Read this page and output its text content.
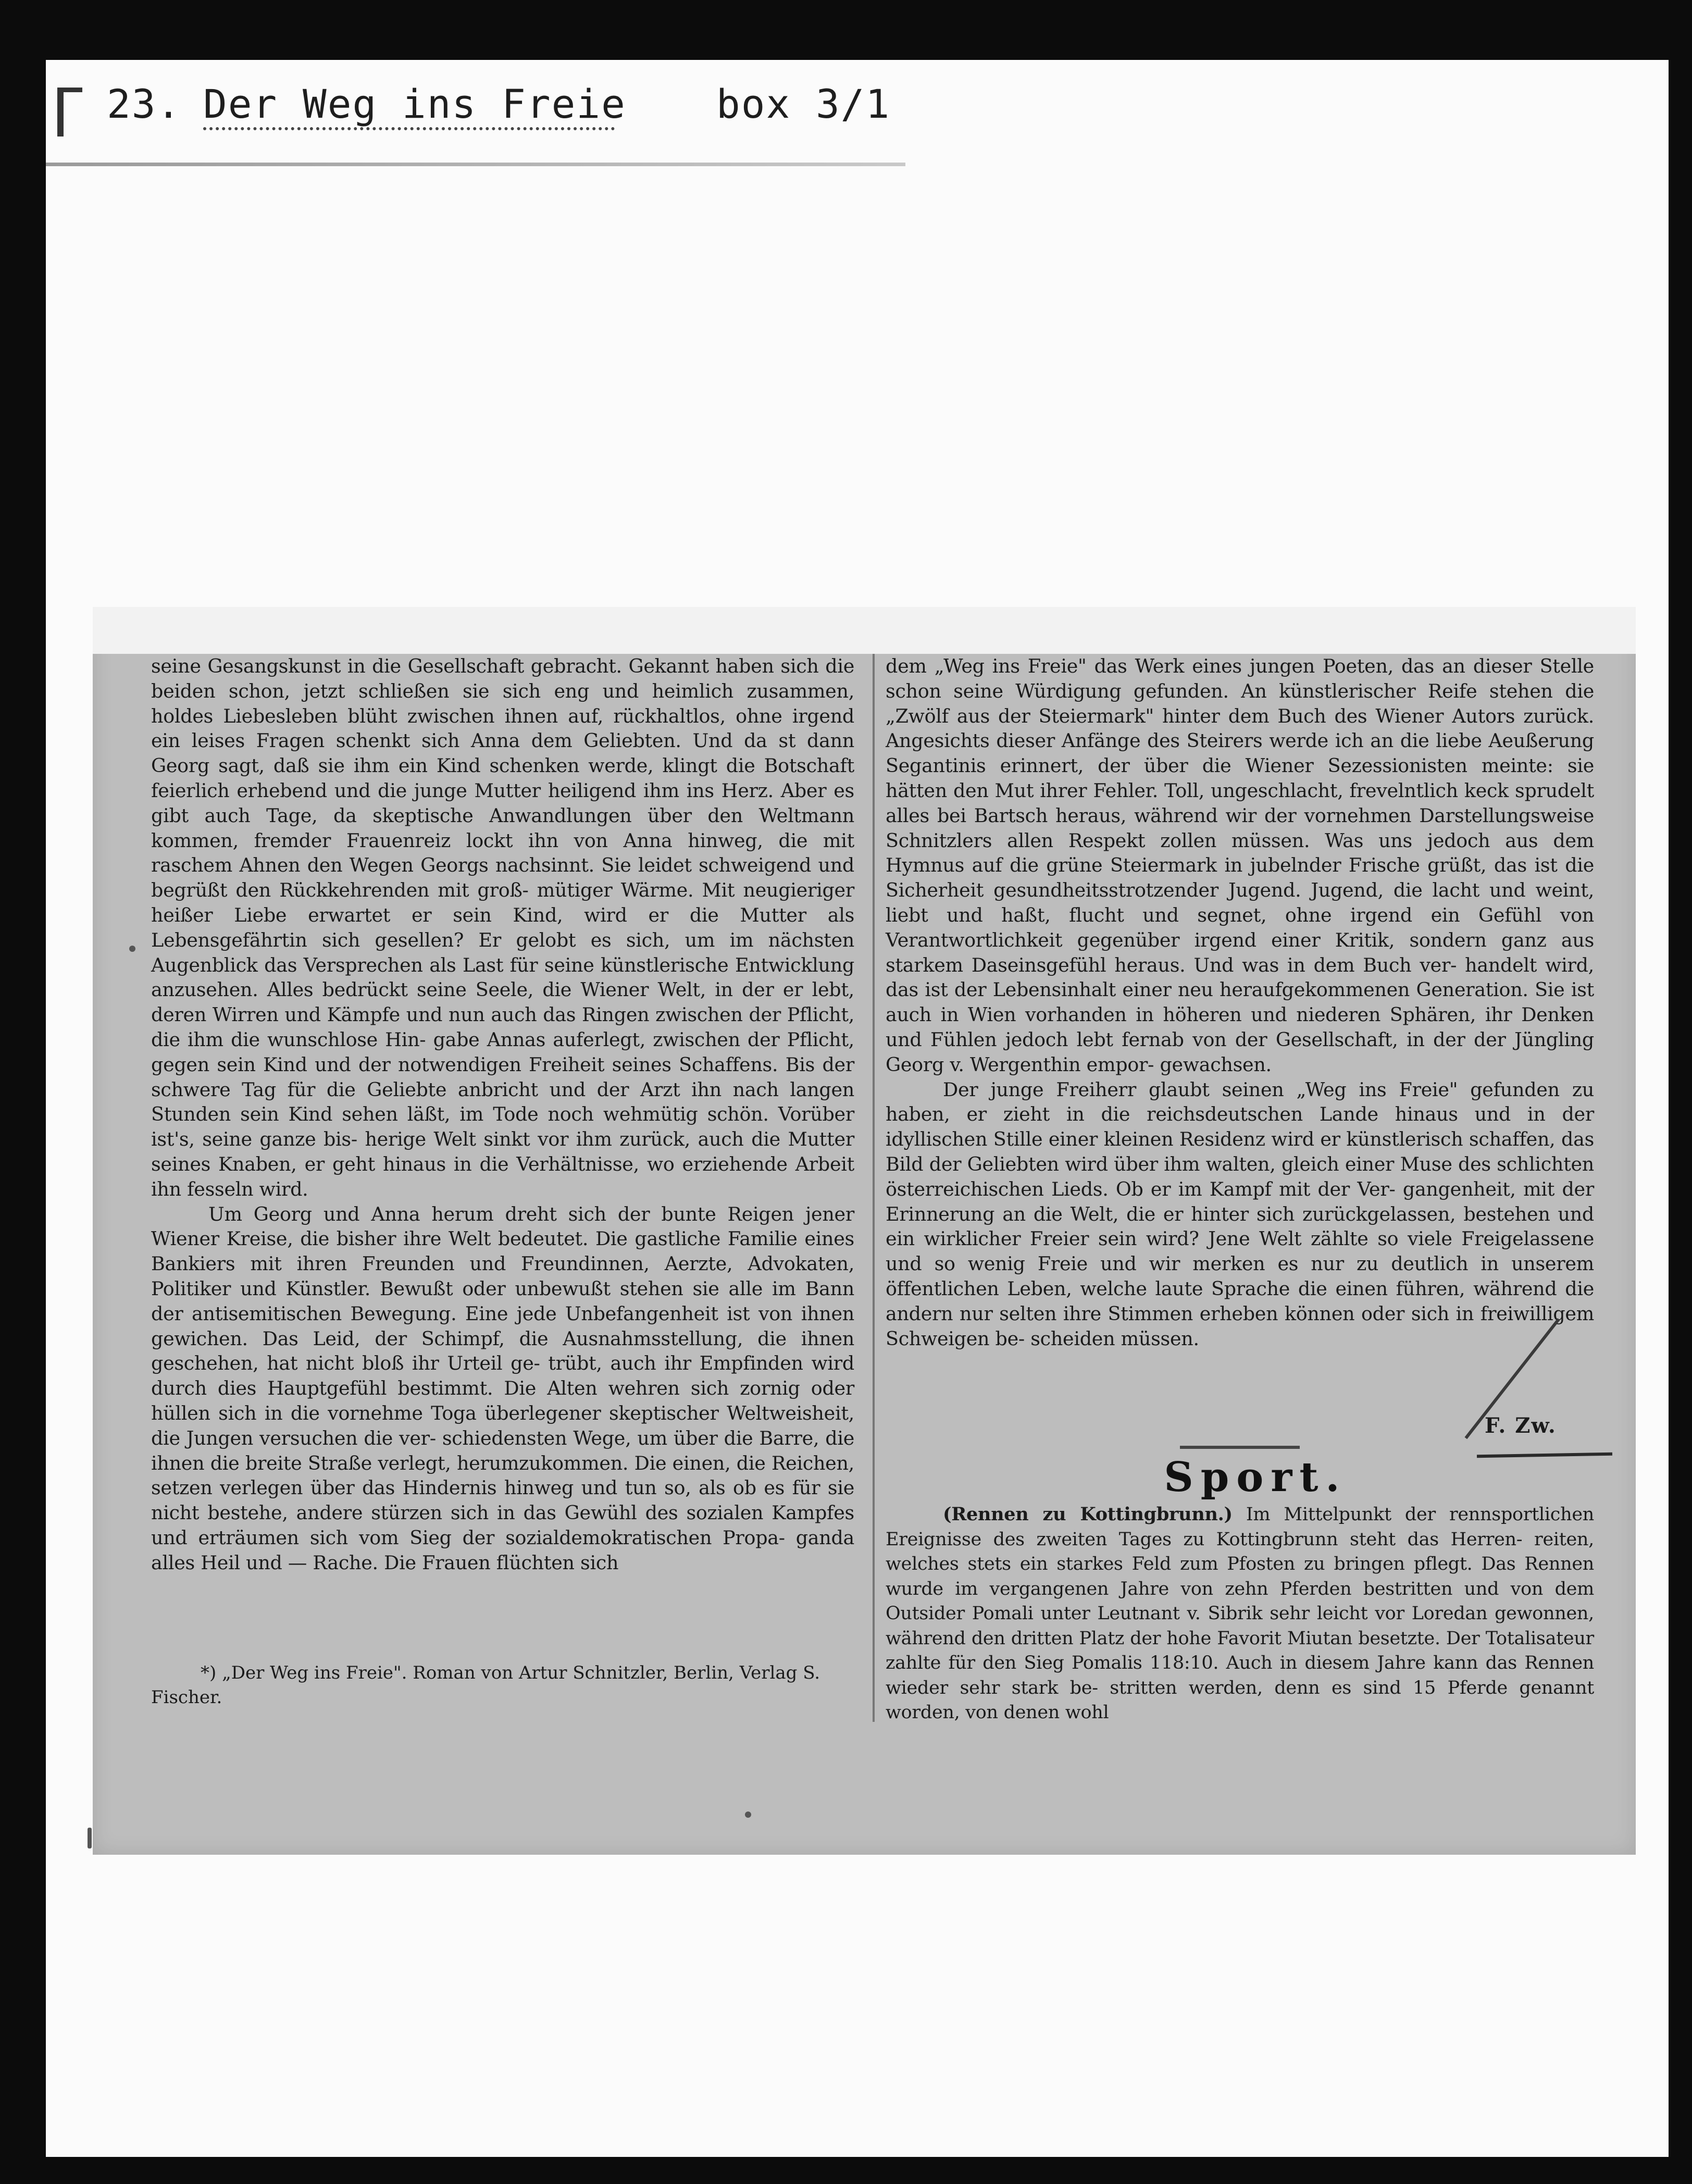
23. Der Weg ins Freie box 3/1

seine Gesangskunst in die Gesellschaft gebracht. Gekannt haben sich die beiden schon, jetzt schließen sie sich eng und heimlich zusammen, holdes Liebesleben blüht zwischen ihnen auf, rückhaltlos, ohne irgend ein leises Fragen schenkt sich Anna dem Geliebten. Und da st dann Georg sagt, daß sie ihm ein Kind schenken werde, klingt die Botschaft feierlich erhebend und die junge Mutter heiligend ihm ins Herz. Aber es gibt auch Tage, da skeptische Anwandlungen über den Weltmann kommen, fremder Frauenreiz lockt ihn von Anna hinweg, die mit raschem Ahnen den Wegen Georgs nachsinnt. Sie leidet schweigend und begrüßt den Rückkehrenden mit groß- mütiger Wärme. Mit neugieriger heißer Liebe erwartet er sein Kind, wird er die Mutter als Lebensgefährtin sich gesellen? Er gelobt es sich, um im nächsten Augenblick das Versprechen als Last für seine künstlerische Entwicklung anzusehen. Alles bedrückt seine Seele, die Wiener Welt, in der er lebt, deren Wirren und Kämpfe und nun auch das Ringen zwischen der Pflicht, die ihm die wunschlose Hin- gabe Annas auferlegt, zwischen der Pflicht, gegen sein Kind und der notwendigen Freiheit seines Schaffens. Bis der schwere Tag für die Geliebte anbricht und der Arzt ihn nach langen Stunden sein Kind sehen läßt, im Tode noch wehmütig schön. Vorüber ist's, seine ganze bis- herige Welt sinkt vor ihm zurück, auch die Mutter seines Knaben, er geht hinaus in die Verhältnisse, wo erziehende Arbeit ihn fesseln wird.

Um Georg und Anna herum dreht sich der bunte Reigen jener Wiener Kreise, die bisher ihre Welt bedeutet. Die gastliche Familie eines Bankiers mit ihren Freunden und Freundinnen, Aerzte, Advokaten, Politiker und Künstler. Bewußt oder unbewußt stehen sie alle im Bann der antisemitischen Bewegung. Eine jede Unbefangenheit ist von ihnen gewichen. Das Leid, der Schimpf, die Ausnahmsstellung, die ihnen geschehen, hat nicht bloß ihr Urteil ge- trübt, auch ihr Empfinden wird durch dies Hauptgefühl bestimmt. Die Alten wehren sich zornig oder hüllen sich in die vornehme Toga überlegener skeptischer Weltweisheit, die Jungen versuchen die ver- schiedensten Wege, um über die Barre, die ihnen die breite Straße verlegt, herumzukommen. Die einen, die Reichen, setzen verlegen über das Hindernis hinweg und tun so, als ob es für sie nicht bestehe, andere stürzen sich in das Gewühl des sozialen Kampfes und erträumen sich vom Sieg der sozialdemokratischen Propa- ganda alles Heil und — Rache. Die Frauen flüchten sich

*) „Der Weg ins Freie". Roman von Artur Schnitzler, Berlin, Verlag S. Fischer.

dem „Weg ins Freie" das Werk eines jungen Poeten, das an dieser Stelle schon seine Würdigung gefunden. An künstlerischer Reife stehen die „Zwölf aus der Steiermark" hinter dem Buch des Wiener Autors zurück. Angesichts dieser Anfänge des Steirers werde ich an die liebe Aeußerung Segantinis erinnert, der über die Wiener Sezessionisten meinte: sie hätten den Mut ihrer Fehler. Toll, ungeschlacht, frevelntlich keck sprudelt alles bei Bartsch heraus, während wir der vornehmen Darstellungsweise Schnitzlers allen Respekt zollen müssen. Was uns jedoch aus dem Hymnus auf die grüne Steiermark in jubelnder Frische grüßt, das ist die Sicherheit gesundheitsstrotzender Jugend. Jugend, die lacht und weint, liebt und haßt, flucht und segnet, ohne irgend ein Gefühl von Verantwortlichkeit gegenüber irgend einer Kritik, sondern ganz aus starkem Daseinsgefühl heraus. Und was in dem Buch ver- handelt wird, das ist der Lebensinhalt einer neu heraufgekommenen Generation. Sie ist auch in Wien vorhanden in höheren und niederen Sphären, ihr Denken und Fühlen jedoch lebt fernab von der Gesellschaft, in der der Jüngling Georg v. Wergenthin empor- gewachsen.

Der junge Freiherr glaubt seinen „Weg ins Freie" gefunden zu haben, er zieht in die reichsdeutschen Lande hinaus und in der idyllischen Stille einer kleinen Residenz wird er künstlerisch schaffen, das Bild der Geliebten wird über ihm walten, gleich einer Muse des schlichten österreichischen Lieds. Ob er im Kampf mit der Ver- gangenheit, mit der Erinnerung an die Welt, die er hinter sich zurückgelassen, bestehen und ein wirklicher Freier sein wird? Jene Welt zählte so viele Freigelassene und so wenig Freie und wir merken es nur zu deutlich in unserem öffentlichen Leben, welche laute Sprache die einen führen, während die andern nur selten ihre Stimmen erheben können oder sich in freiwilligem Schweigen be- scheiden müssen.

F. Zw.
Sport.

(Rennen zu Kottingbrunn.) Im Mittelpunkt der rennsportlichen Ereignisse des zweiten Tages zu Kottingbrunn steht das Herren- reiten, welches stets ein starkes Feld zum Pfosten zu bringen pflegt. Das Rennen wurde im vergangenen Jahre von zehn Pferden bestritten und von dem Outsider Pomali unter Leutnant v. Sibrik sehr leicht vor Loredan gewonnen, während den dritten Platz der hohe Favorit Miutan besetzte. Der Totalisateur zahlte für den Sieg Pomalis 118:10. Auch in diesem Jahre kann das Rennen wieder sehr stark be- stritten werden, denn es sind 15 Pferde genannt worden, von denen wohl
